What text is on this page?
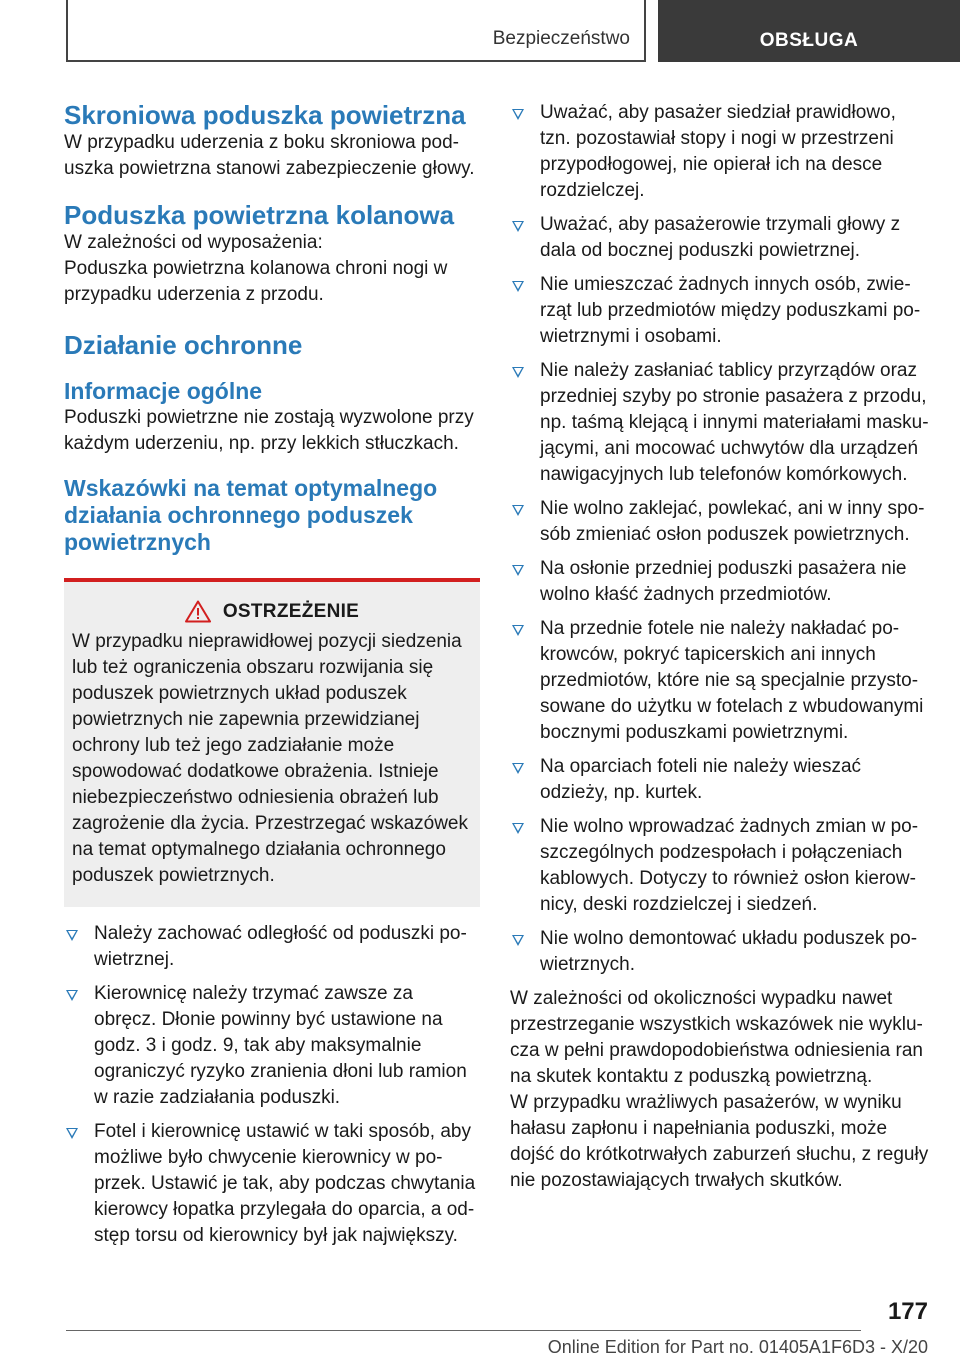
Bezpieczeństwo	OBSŁUGA
Skroniowa poduszka powietrzna

W przypadku uderzenia z boku skroniowa poduszka powietrzna stanowi zabezpieczenie głowy.

Poduszka powietrzna kolanowa

W zależności od wyposażenia:

Poduszka powietrzna kolanowa chroni nogi w przypadku uderzenia z przodu.

Działanie ochronne
Informacje ogólne

Poduszki powietrzne nie zostają wyzwolone przy każdym uderzeniu, np. przy lekkich stłuczkach.

Wskazówki na temat optymalnego działania ochronnego poduszek powietrznych
OSTRZEŻENIE

W przypadku nieprawidłowej pozycji siedzenia lub też ograniczenia obszaru rozwijania się poduszek powietrznych układ poduszek powietrznych nie zapewnia przewidzianej ochrony lub też jego zadziałanie może spowodować dodatkowe obrażenia. Istnieje niebezpieczeństwo odniesienia obrażeń lub zagrożenie dla życia. Przestrzegać wskazówek na temat optymalnego działania ochronnego poduszek powietrznych.

Należy zachować odległość od poduszki powietrznej.
Kierownicę należy trzymać zawsze za obręcz. Dłonie powinny być ustawione na godz. 3 i godz. 9, tak aby maksymalnie ograniczyć ryzyko zranienia dłoni lub ramion w razie zadziałania poduszki.
Fotel i kierownicę ustawić w taki sposób, aby możliwe było chwycenie kierownicy w poprzek. Ustawić je tak, aby podczas chwytania kierowcy łopatka przylegała do oparcia, a odstęp torsu od kierownicy był jak największy.
Uważać, aby pasażer siedział prawidłowo, tzn. pozostawiał stopy i nogi w przestrzeni przypodłogowej, nie opierał ich na desce rozdzielczej.
Uważać, aby pasażerowie trzymali głowy z dala od bocznej poduszki powietrznej.
Nie umieszczać żadnych innych osób, zwierząt lub przedmiotów między poduszkami powietrznymi i osobami.
Nie należy zasłaniać tablicy przyrządów oraz przedniej szyby po stronie pasażera z przodu, np. taśmą klejącą i innymi materiałami maskującymi, ani mocować uchwytów dla urządzeń nawigacyjnych lub telefonów komórkowych.
Nie wolno zaklejać, powlekać, ani w inny sposób zmieniać osłon poduszek powietrznych.
Na osłonie przedniej poduszki pasażera nie wolno kłaść żadnych przedmiotów.
Na przednie fotele nie należy nakładać pokrowców, pokryć tapicerskich ani innych przedmiotów, które nie są specjalnie przystosowane do użytku w fotelach z wbudowanymi bocznymi poduszkami powietrznymi.
Na oparciach foteli nie należy wieszać odzieży, np. kurtek.
Nie wolno wprowadzać żadnych zmian w poszczególnych podzespołach i połączeniach kablowych. Dotyczy to również osłon kierownicy, deski rozdzielczej i siedzeń.
Nie wolno demontować układu poduszek powietrznych.

W zależności od okoliczności wypadku nawet przestrzeganie wszystkich wskazówek nie wyklucza w pełni prawdopodobieństwa odniesienia ran na skutek kontaktu z poduszką powietrzną.

W przypadku wrażliwych pasażerów, w wyniku hałasu zapłonu i napełniania poduszki, może dojść do krótkotrwałych zaburzeń słuchu, z reguły nie pozostawiających trwałych skutków.

177
Online Edition for Part no. 01405A1F6D3 - X/20
